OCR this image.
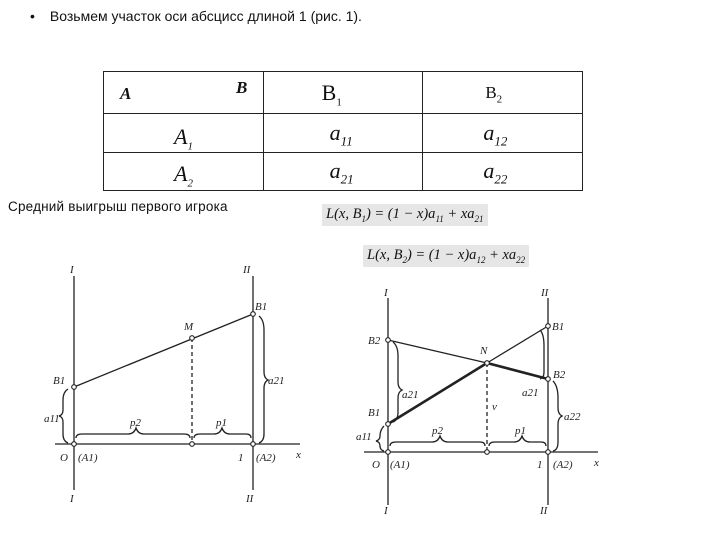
• Возьмем участок оси абсцисс длиной 1 (рис. 1).
A B	$B_1$	$B_2$

$A_1$	$a_{11}$	$a_{12}$

$A_2$	$a_{21}$	$a_{22}$
Средний выигрыш первого игрока	L(x, $B_1) = (1 - x)a_{11} + xa_{21}$
L(x, $B_2) = (1 - x)a_{12} + xa_{22}$
I	II
I	II
M
B1
B1
a11
a21
p2	p1
O (A1)	1 (A2) x
I	II
I	II
N
B2
B1
B1
B2
a21
a11
a21
a22
ν
p2	p1
O (A1)	1 (A2) x
